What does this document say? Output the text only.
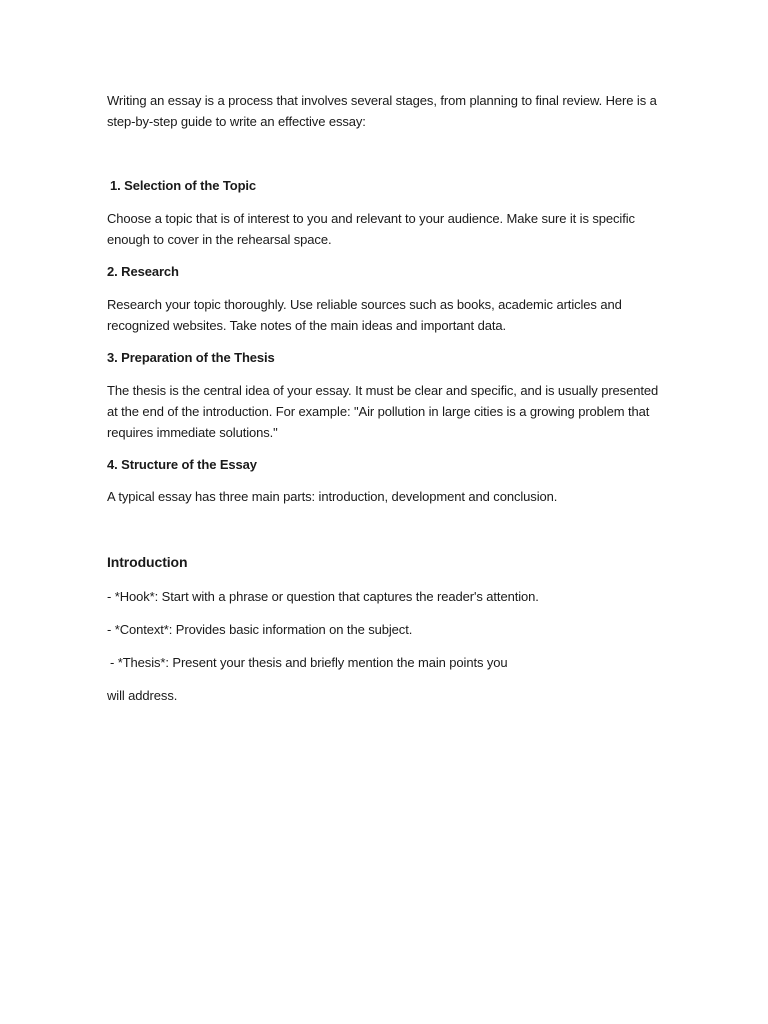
Writing an essay is a process that involves several stages, from planning to final review. Here is a step-by-step guide to write an effective essay:

1. Selection of the Topic

Choose a topic that is of interest to you and relevant to your audience. Make sure it is specific enough to cover in the rehearsal space.

2. Research

Research your topic thoroughly. Use reliable sources such as books, academic articles and recognized websites. Take notes of the main ideas and important data.

3. Preparation of the Thesis

The thesis is the central idea of your essay. It must be clear and specific, and is usually presented at the end of the introduction. For example: "Air pollution in large cities is a growing problem that requires immediate solutions."

4. Structure of the Essay

A typical essay has three main parts: introduction, development and conclusion.

Introduction

- *Hook*: Start with a phrase or question that captures the reader's attention.

- *Context*: Provides basic information on the subject.

- *Thesis*: Present your thesis and briefly mention the main points you

will address.
